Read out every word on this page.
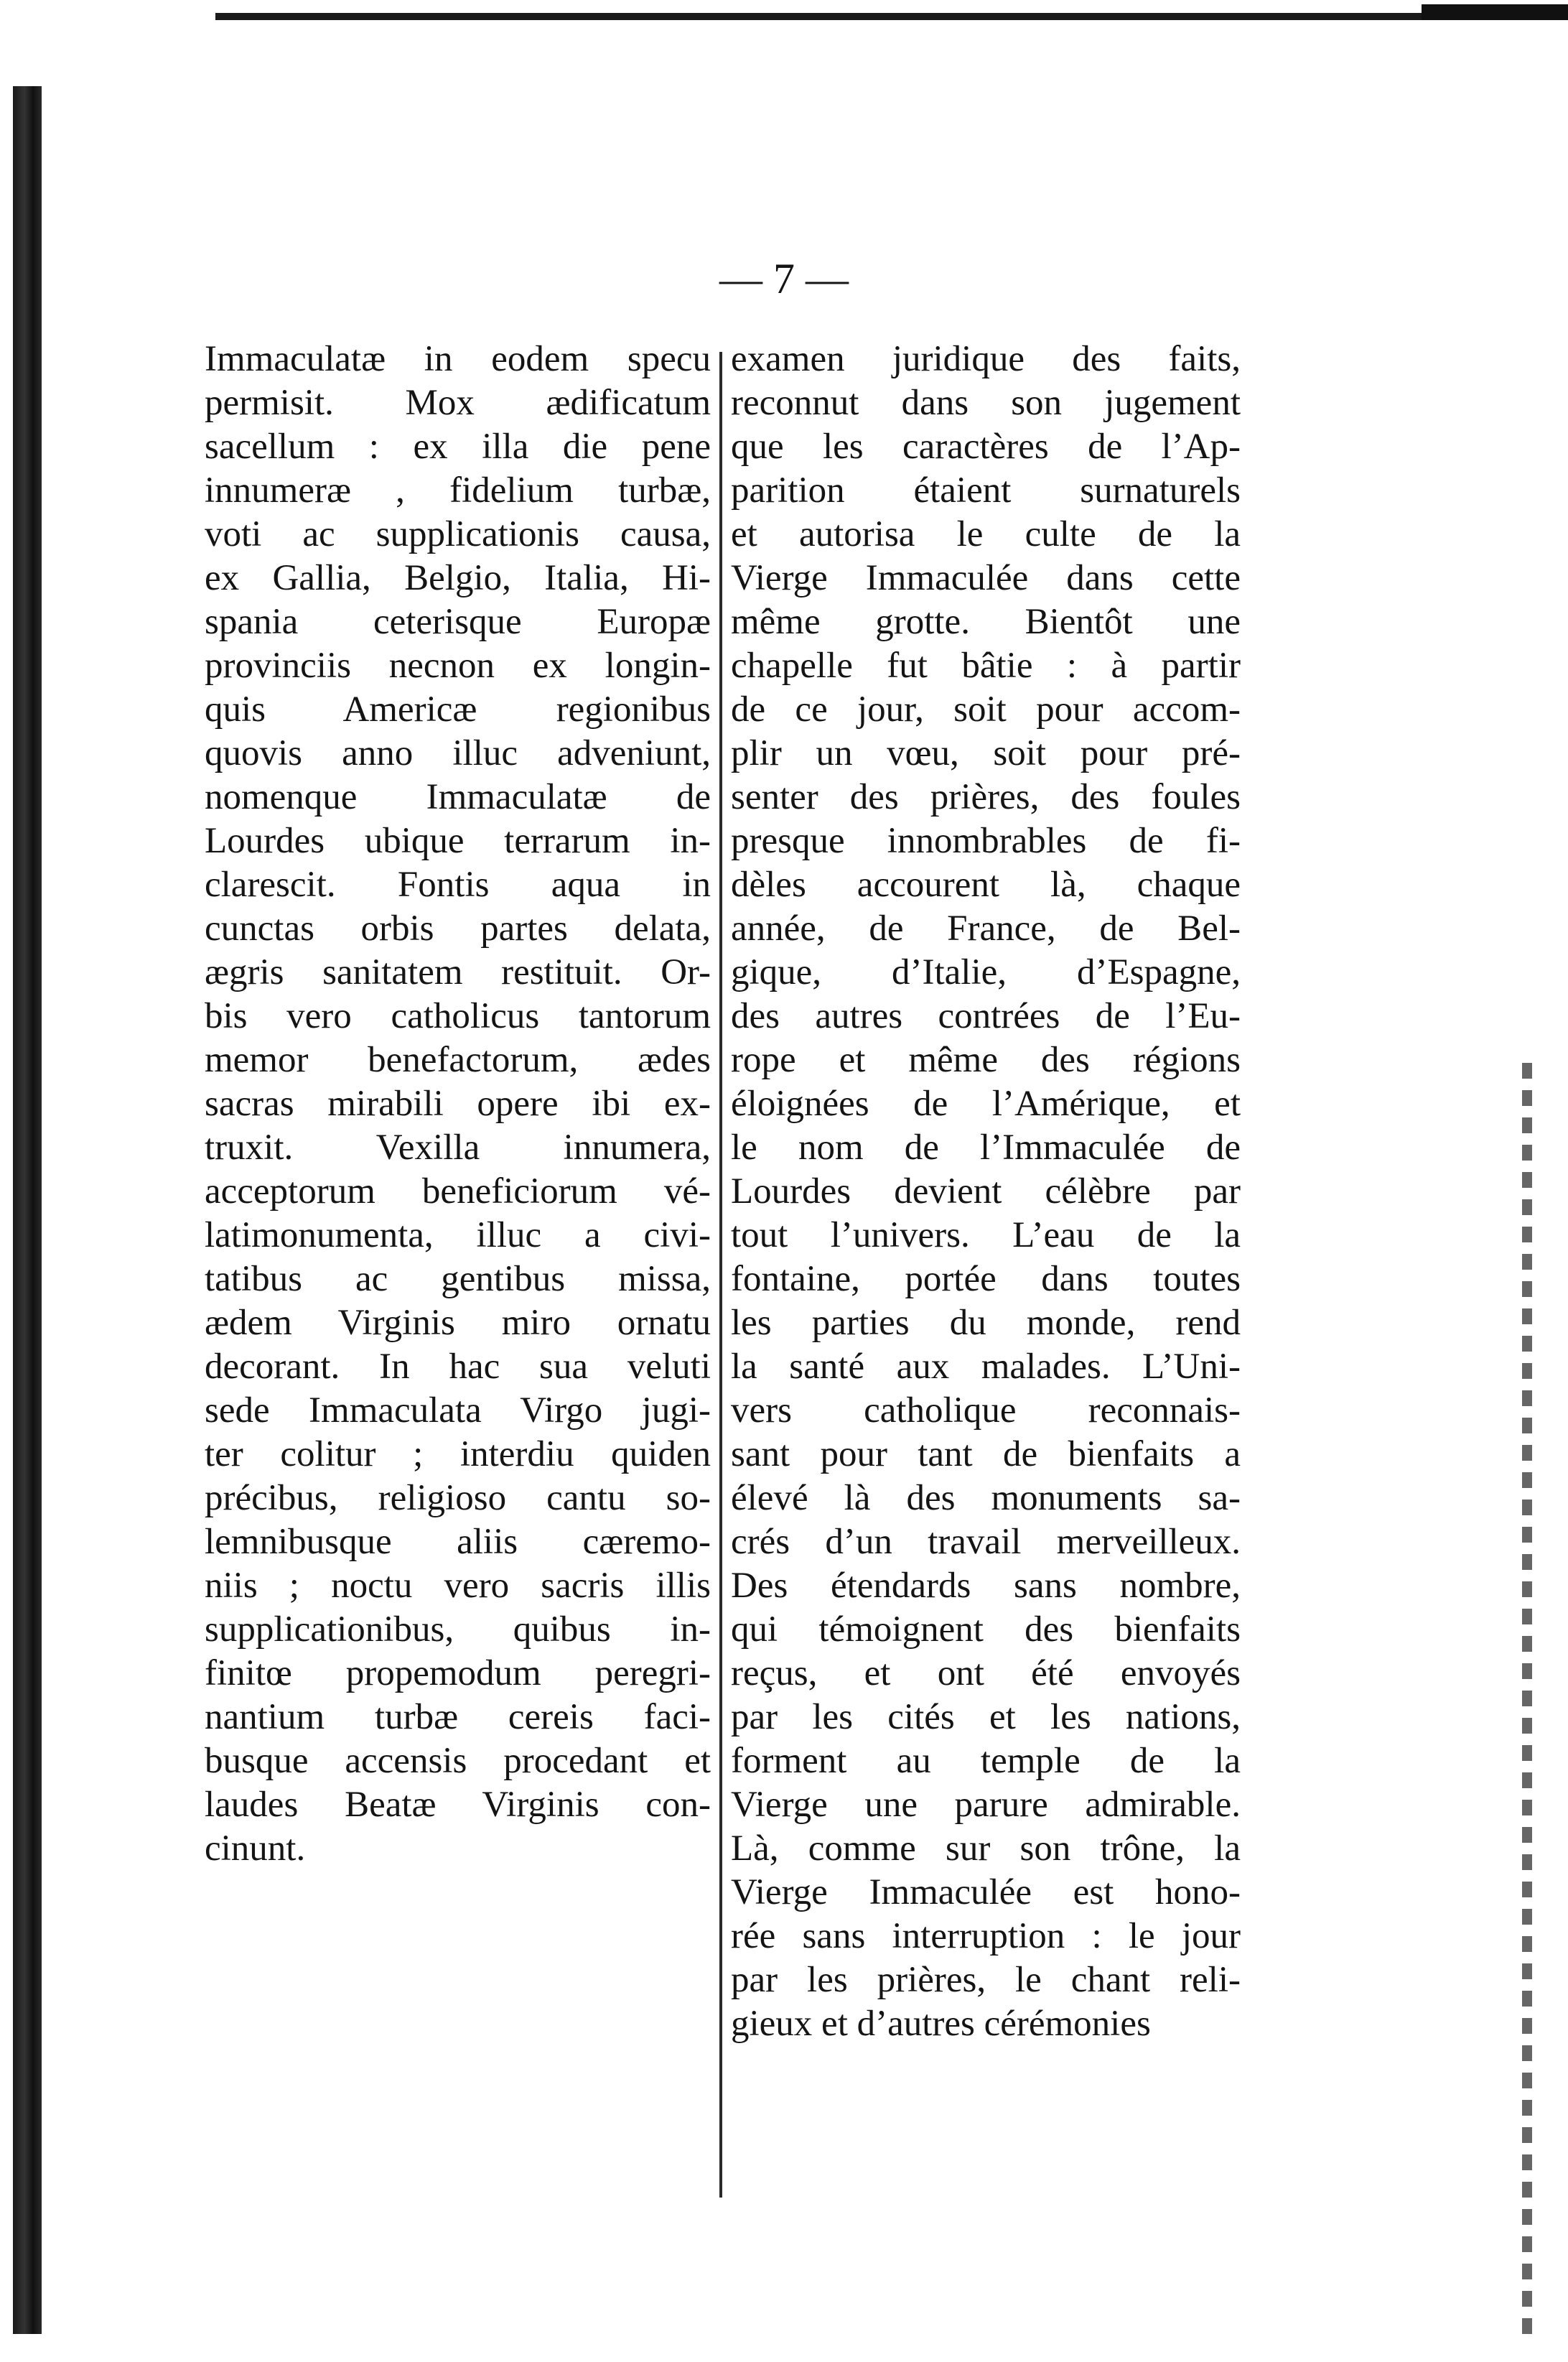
— 7 —
Immaculatæ in eodem specu
permisit. Mox ædificatum
sacellum : ex illa die pene
innumeræ , fidelium turbæ,
voti ac supplicationis causa,
ex Gallia, Belgio, Italia, Hi-
spania ceterisque Europæ
provinciis necnon ex longin-
quis Americæ regionibus
quovis anno illuc adveniunt,
nomenque Immaculatæ de
Lourdes ubique terrarum in-
clarescit. Fontis aqua in
cunctas orbis partes delata,
ægris sanitatem restituit. Or-
bis vero catholicus tantorum
memor benefactorum, ædes
sacras mirabili opere ibi ex-
truxit. Vexilla innumera,
acceptorum beneficiorum vé-
latimonumenta, illuc a civi-
tatibus ac gentibus missa,
ædem Virginis miro ornatu
decorant. In hac sua veluti
sede Immaculata Virgo jugi-
ter colitur ; interdiu quiden
précibus, religioso cantu so-
lemnibusque aliis cæremo-
niis ; noctu vero sacris illis
supplicationibus, quibus in-
finitœ propemodum peregri-
nantium turbæ cereis faci-
busque accensis procedant et
laudes Beatæ Virginis con-
cinunt.
examen juridique des faits,
reconnut dans son jugement
que les caractères de l’Ap-
parition étaient surnaturels
et autorisa le culte de la
Vierge Immaculée dans cette
même grotte. Bientôt une
chapelle fut bâtie : à partir
de ce jour, soit pour accom-
plir un vœu, soit pour pré-
senter des prières, des foules
presque innombrables de fi-
dèles accourent là, chaque
année, de France, de Bel-
gique, d’Italie, d’Espagne,
des autres contrées de l’Eu-
rope et même des régions
éloignées de l’Amérique, et
le nom de l’Immaculée de
Lourdes devient célèbre par
tout l’univers. L’eau de la
fontaine, portée dans toutes
les parties du monde, rend
la santé aux malades. L’Uni-
vers catholique reconnais-
sant pour tant de bienfaits a
élevé là des monuments sa-
crés d’un travail merveilleux.
Des étendards sans nombre,
qui témoignent des bienfaits
reçus, et ont été envoyés
par les cités et les nations,
forment au temple de la
Vierge une parure admirable.
Là, comme sur son trône, la
Vierge Immaculée est hono-
rée sans interruption : le jour
par les prières, le chant reli-
gieux et d’autres cérémonies
